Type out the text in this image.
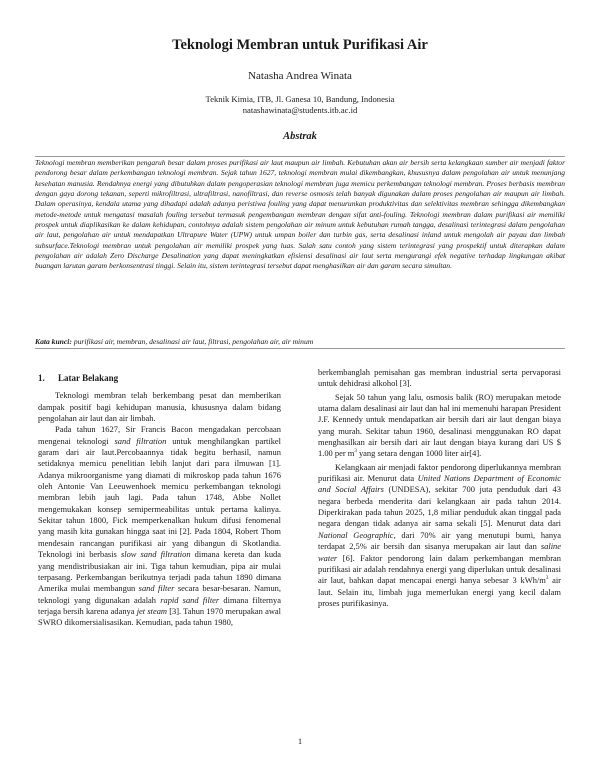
Teknologi Membran untuk Purifikasi Air
Natasha Andrea Winata
Teknik Kimia, ITB, Jl. Ganesa 10, Bandung, Indonesia
natashawinata@students.itb.ac.id
Abstrak

Teknologi membran memberikan pengaruh besar dalam proses purifikasi air laut maupun air limbah. Kebutuhan akan air bersih serta kelangkaan sumber air menjadi faktor pendorong besar dalam perkembangan teknologi membran. Sejak tahun 1627, teknologi membran mulai dikembangkan, khususnya dalam pengolahan air untuk menunjang kesehatan manusia. Rendahnya energi yang dibutuhkan dalam pengoperasian teknologi membran juga memicu perkembangan teknologi membran. Proses berbasis membran dengan gaya dorong tekanan, seperti mikrofiltrasi, ultrafiltrasi, nanofiltrasi, dan reverse osmosis telah banyak digunakan dalam proses pengolahan air maupun air limbah. Dalam operasinya, kendala utama yang dihadapi adalah adanya peristiwa fouling yang dapat menurunkan produktivitas dan selektivitas membran sehingga dikembangkan metode-metode untuk mengatasi masalah fouling tersebut termasuk pengembangan membran dengan sifat anti-fouling. Teknologi membran dalam purifikasi air memiliki prospek untuk diaplikasikan ke dalam kehidupan, contohnya adalah sistem pengolahan air minum untuk kebutuhan rumah tangga, desalinasi terintegrasi dalam pengolahan air laut, pengolahan air untuk mendapatkan Ultrapure Water (UPW) untuk umpan boiler dan turbin gas, serta desalinasi inland untuk mengolah air payau dan limbah subsurface.Teknologi membran untuk pengolahan air memiliki prospek yang luas. Salah satu contoh yang sistem terintegrasi yang prospektif untuk diterapkan dalam pengolahan air adalah Zero Discharge Desalination yang dapat meningkatkan efisiensi desalinasi air laut serta mengurangi efek negative terhadap lingkungan akibat buangan larutan garam berkonsentrasi tinggi. Selain itu, sistem terintegrasi tersebut dapat menghasilkan air dan garam secara simultan.

Kata kunci: purifikasi air, membran, desalinasi air laut, filtrasi, pengolahan air, air minum
1. Latar Belakang

Teknologi membran telah berkembang pesat dan memberikan dampak positif bagi kehidupan manusia, khususnya dalam bidang pengolahan air laut dan air limbah.

Pada tahun 1627, Sir Francis Bacon mengadakan percobaan mengenai teknologi sand filtration untuk menghilangkan partikel garam dari air laut.Percobaannya tidak begitu berhasil, namun setidaknya memicu penelitian lebih lanjut dari para ilmuwan [1]. Adanya mikroorganisme yang diamati di mikroskop pada tahun 1676 oleh Antonie Van Leeuwenhoek memicu perkembangan teknologi membran lebih jauh lagi. Pada tahun 1748, Abbe Nollet mengemukakan konsep semipermeabilitas untuk pertama kalinya. Sekitar tahun 1800, Fick memperkenalkan hukum difusi fenomenal yang masih kita gunakan hingga saat ini [2]. Pada 1804, Robert Thom mendesain rancangan purifikasi air yang dibangun di Skotlandia. Teknologi ini berbasis slow sand filtration dimana kereta dan kuda yang mendistribusiakan air ini. Tiga tahun kemudian, pipa air mulai terpasang. Perkembangan berikutnya terjadi pada tahun 1890 dimana Amerika mulai membangun sand filter secara besar-besaran. Namun, teknologi yang digunakan adalah rapid sand filter dimana filternya terjaga bersih karena adanya jet steam [3]. Tahun 1970 merupakan awal SWRO dikomersialisasikan. Kemudian, pada tahun 1980,

berkembanglah pemisahan gas membran industrial serta pervaporasi untuk dehidrasi alkohol [3].

Sejak 50 tahun yang lalu, osmosis balik (RO) merupakan metode utama dalam desalinasi air laut dan hal ini memenuhi harapan President J.F. Kennedy untuk mendapatkan air bersih dari air laut dengan biaya yang murah. Sekitar tahun 1960, desalinasi menggunakan RO dapat menghasilkan air bersih dari air laut dengan biaya kurang dari US $ 1.00 per $m^3$ yang setara dengan 1000 liter air[4].

Kelangkaan air menjadi faktor pendorong diperlukannya membran purifikasi air. Menurut data United Nations Department of Economic and Social Affairs (UNDESA), sekitar 700 juta penduduk dari 43 negara berbeda menderita dari kelangkaan air pada tahun 2014. Diperkirakan pada tahun 2025, 1,8 miliar penduduk akan tinggal pada negara dengan tidak adanya air sama sekali [5]. Menurut data dari National Geographic, dari 70% air yang menutupi bumi, hanya terdapat 2,5% air bersih dan sisanya merupakan air laut dan saline water [6]. Faktor pendorong lain dalam perkembangan membran purifikasi air adalah rendahnya energi yang diperlukan untuk desalinasi air laut, bahkan dapat mencapai energi hanya sebesar 3 kWh/$m^3$ air laut. Selain itu, limbah juga memerlukan energi yang kecil dalam proses purifikasinya.

1
